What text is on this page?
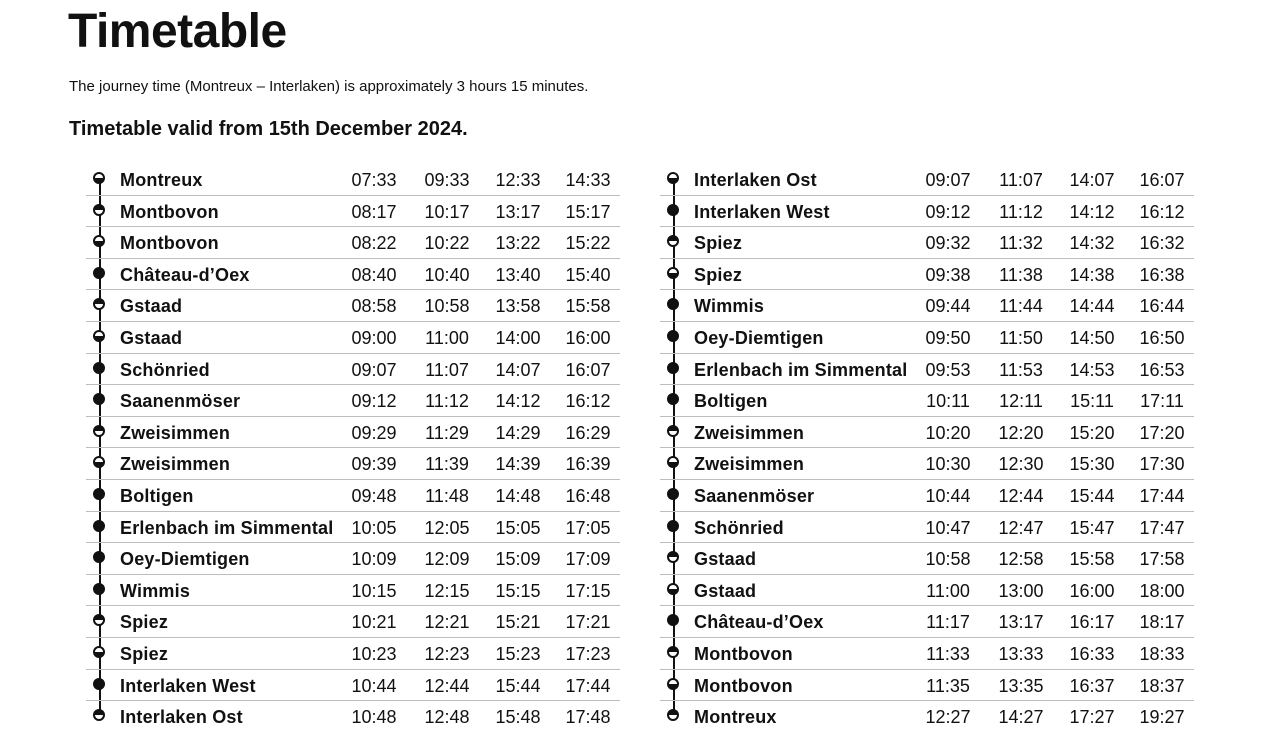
Timetable

The journey time (Montreux – Interlaken) is approximately 3 hours 15 minutes.

Timetable valid from 15th December 2024.

Montreux	07:33	09:33	12:33	14:33
Montbovon	08:17	10:17	13:17	15:17
Montbovon	08:22	10:22	13:22	15:22
Château-d’Oex	08:40	10:40	13:40	15:40
Gstaad	08:58	10:58	13:58	15:58
Gstaad	09:00	11:00	14:00	16:00
Schönried	09:07	11:07	14:07	16:07
Saanenmöser	09:12	11:12	14:12	16:12
Zweisimmen	09:29	11:29	14:29	16:29
Zweisimmen	09:39	11:39	14:39	16:39
Boltigen	09:48	11:48	14:48	16:48
Erlenbach im Simmental	10:05	12:05	15:05	17:05
Oey-Diemtigen	10:09	12:09	15:09	17:09
Wimmis	10:15	12:15	15:15	17:15
Spiez	10:21	12:21	15:21	17:21
Spiez	10:23	12:23	15:23	17:23
Interlaken West	10:44	12:44	15:44	17:44
Interlaken Ost	10:48	12:48	15:48	17:48
Interlaken Ost	09:07	11:07	14:07	16:07
Interlaken West	09:12	11:12	14:12	16:12
Spiez	09:32	11:32	14:32	16:32
Spiez	09:38	11:38	14:38	16:38
Wimmis	09:44	11:44	14:44	16:44
Oey-Diemtigen	09:50	11:50	14:50	16:50
Erlenbach im Simmental	09:53	11:53	14:53	16:53
Boltigen	10:11	12:11	15:11	17:11
Zweisimmen	10:20	12:20	15:20	17:20
Zweisimmen	10:30	12:30	15:30	17:30
Saanenmöser	10:44	12:44	15:44	17:44
Schönried	10:47	12:47	15:47	17:47
Gstaad	10:58	12:58	15:58	17:58
Gstaad	11:00	13:00	16:00	18:00
Château-d’Oex	11:17	13:17	16:17	18:17
Montbovon	11:33	13:33	16:33	18:33
Montbovon	11:35	13:35	16:37	18:37
Montreux	12:27	14:27	17:27	19:27
